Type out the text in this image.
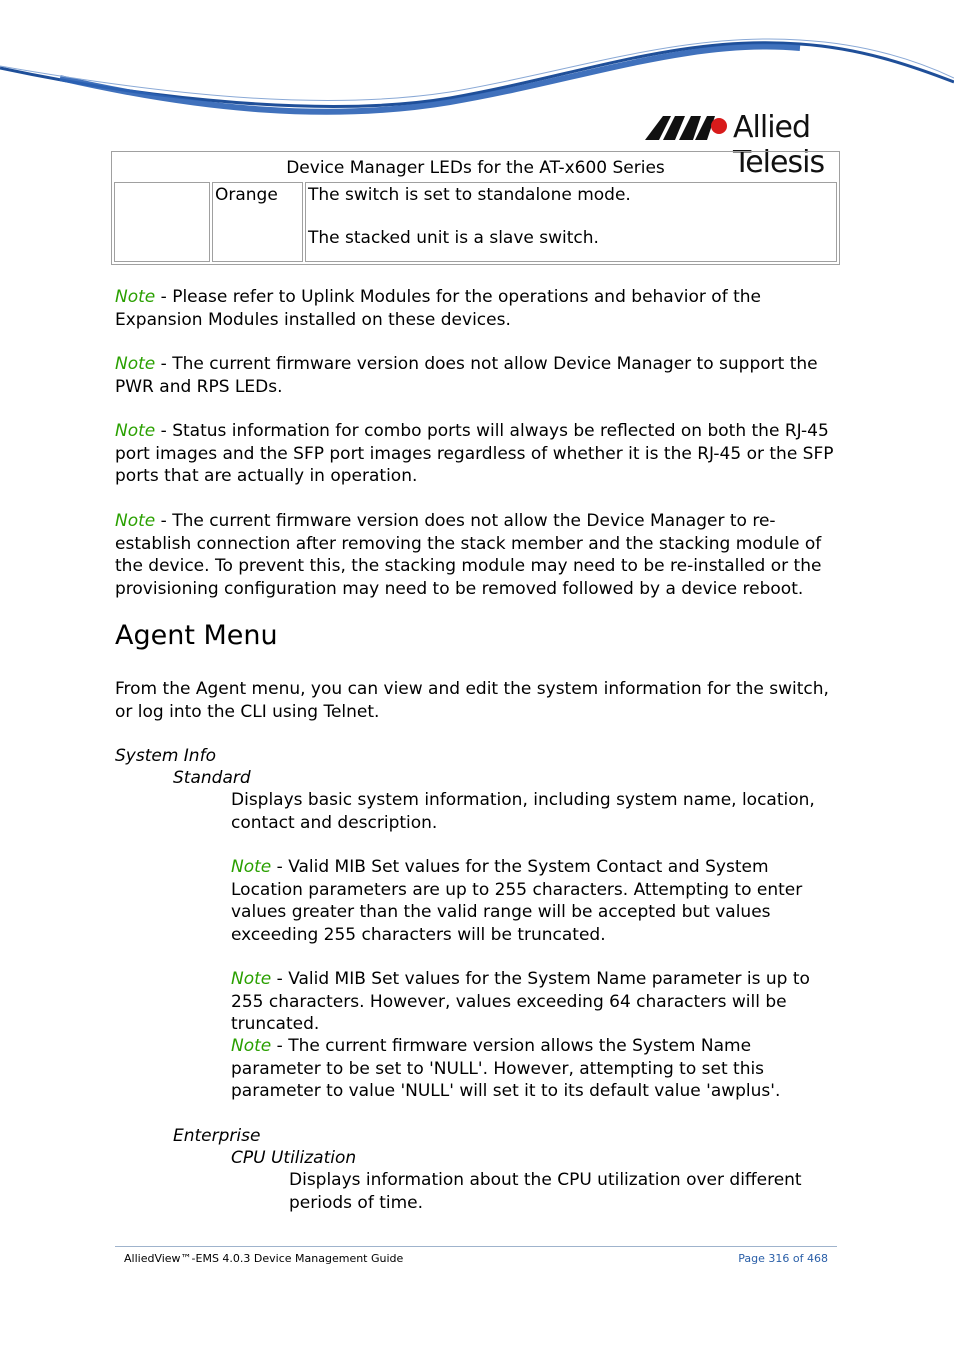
Allied Telesis
Device Manager LEDs for the AT-x600 Series
	Orange	The switch is set to standalone mode.
The stacked unit is a slave switch.

Note - Please refer to Uplink Modules for the operations and behavior of the Expansion Modules installed on these devices.

Note - The current firmware version does not allow Device Manager to support the PWR and RPS LEDs.

Note - Status information for combo ports will always be reflected on both the RJ-45 port images and the SFP port images regardless of whether it is the RJ-45 or the SFP ports that are actually in operation.

Note - The current firmware version does not allow the Device Manager to re-establish connection after removing the stack member and the stacking module of the device. To prevent this, the stacking module may need to be re-installed or the provisioning configuration may need to be removed followed by a device reboot.

Agent Menu

From the Agent menu, you can view and edit the system information for the switch, or log into the CLI using Telnet.

System Info

Standard

Displays basic system information, including system name, location, contact and description.

Note - Valid MIB Set values for the System Contact and System Location parameters are up to 255 characters. Attempting to enter values greater than the valid range will be accepted but values exceeding 255 characters will be truncated.

Note - Valid MIB Set values for the System Name parameter is up to 255 characters. However, values exceeding 64 characters will be truncated.

Note - The current firmware version allows the System Name parameter to be set to 'NULL'. However, attempting to set this parameter to value 'NULL' will set it to its default value 'awplus'.

Enterprise

CPU Utilization

Displays information about the CPU utilization over different periods of time.

AlliedView™-EMS 4.0.3 Device Management Guide	Page 316 of 468
